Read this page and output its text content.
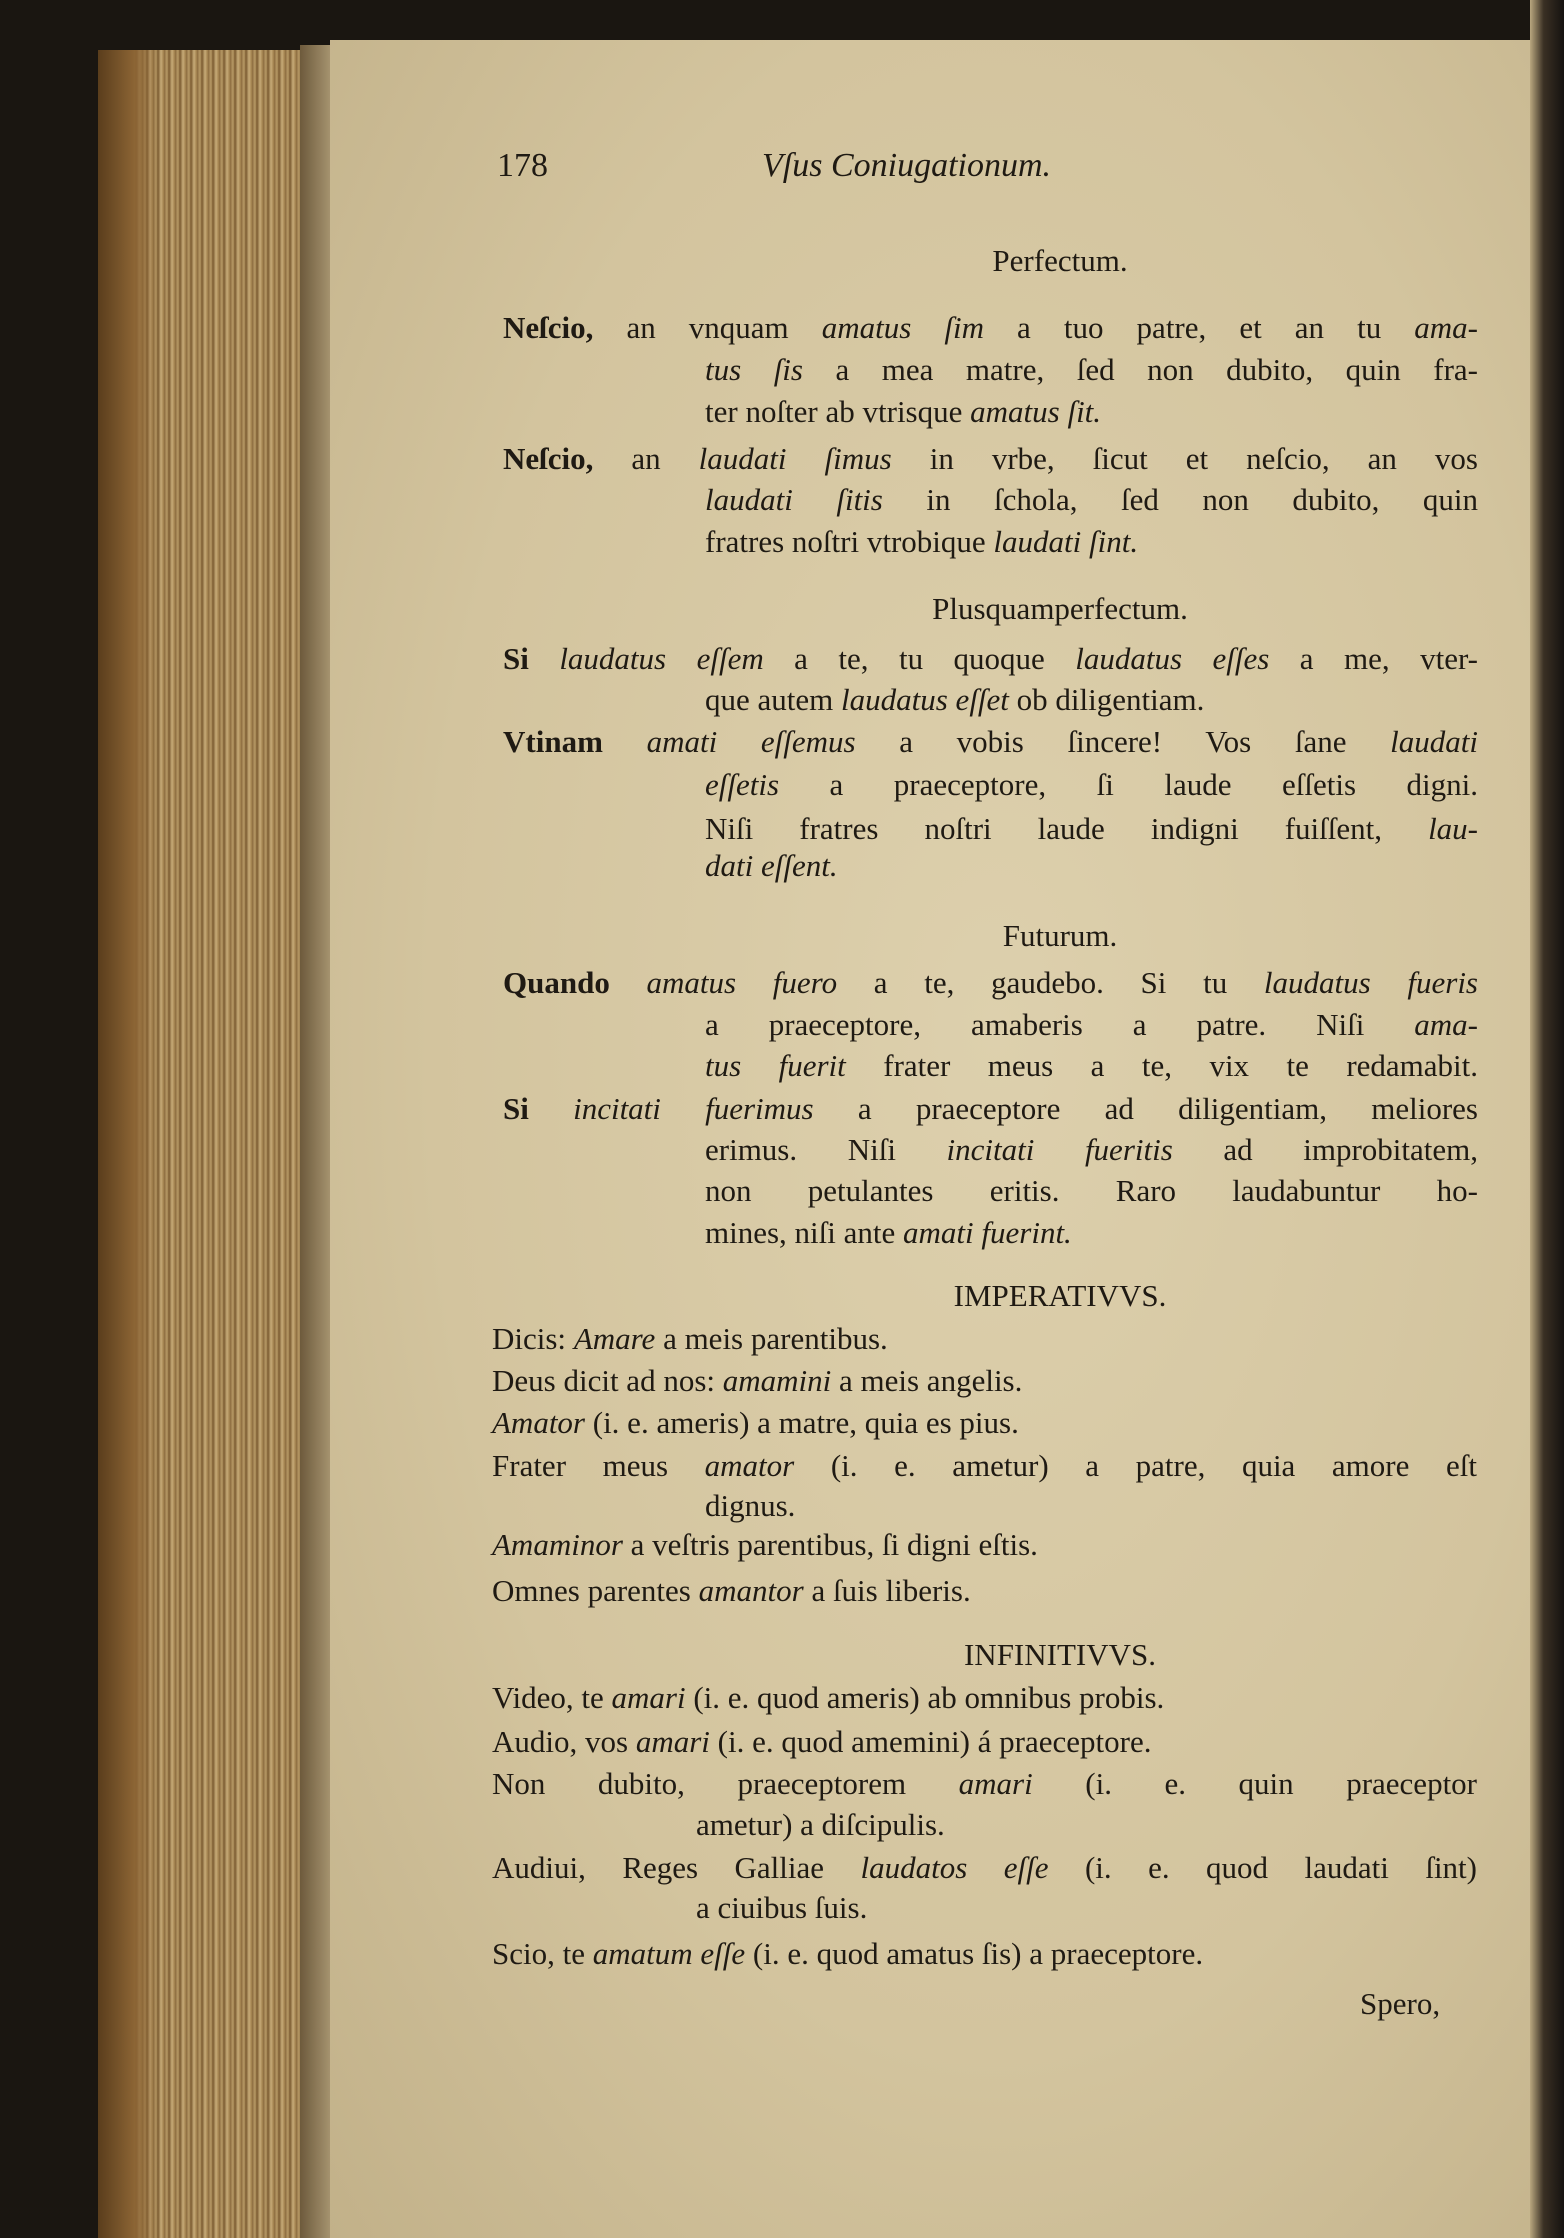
178	Vſus Coniugationum.
Perfectum.
Neſcio, an vnquam amatus ſim a tuo patre, et an tu ama-
tus ſis a mea matre, ſed non dubito, quin fra-
ter noſter ab vtrisque amatus ſit.
Neſcio, an laudati ſimus in vrbe, ſicut et neſcio, an vos
laudati ſitis in ſchola, ſed non dubito, quin
fratres noſtri vtrobique laudati ſint.
Plusquamperfectum.
Si laudatus eſſem a te, tu quoque laudatus eſſes a me, vter-
que autem laudatus eſſet ob diligentiam.
Vtinam amati eſſemus a vobis ſincere! Vos ſane laudati
eſſetis a praeceptore, ſi laude eſſetis digni.
Niſi fratres noſtri laude indigni fuiſſent, lau-
dati eſſent.
Futurum.
Quando amatus fuero a te, gaudebo. Si tu laudatus fueris
a praeceptore, amaberis a patre. Niſi ama-
tus fuerit frater meus a te, vix te redamabit.
Si incitati fuerimus a praeceptore ad diligentiam, meliores
erimus. Niſi incitati fueritis ad improbitatem,
non petulantes eritis. Raro laudabuntur ho-
mines, niſi ante amati fuerint.
IMPERATIVVS.
Dicis: Amare a meis parentibus.
Deus dicit ad nos: amamini a meis angelis.
Amator (i. e. ameris) a matre, quia es pius.
Frater meus amator (i. e. ametur) a patre, quia amore eſt
dignus.
Amaminor a veſtris parentibus, ſi digni eſtis.
Omnes parentes amantor a ſuis liberis.
INFINITIVVS.
Video, te amari (i. e. quod ameris) ab omnibus probis.
Audio, vos amari (i. e. quod amemini) á praeceptore.
Non dubito, praeceptorem amari (i. e. quin praeceptor
ametur) a diſcipulis.
Audiui, Reges Galliae laudatos eſſe (i. e. quod laudati ſint)
a ciuibus ſuis.
Scio, te amatum eſſe (i. e. quod amatus ſis) a praeceptore.
Spero,
